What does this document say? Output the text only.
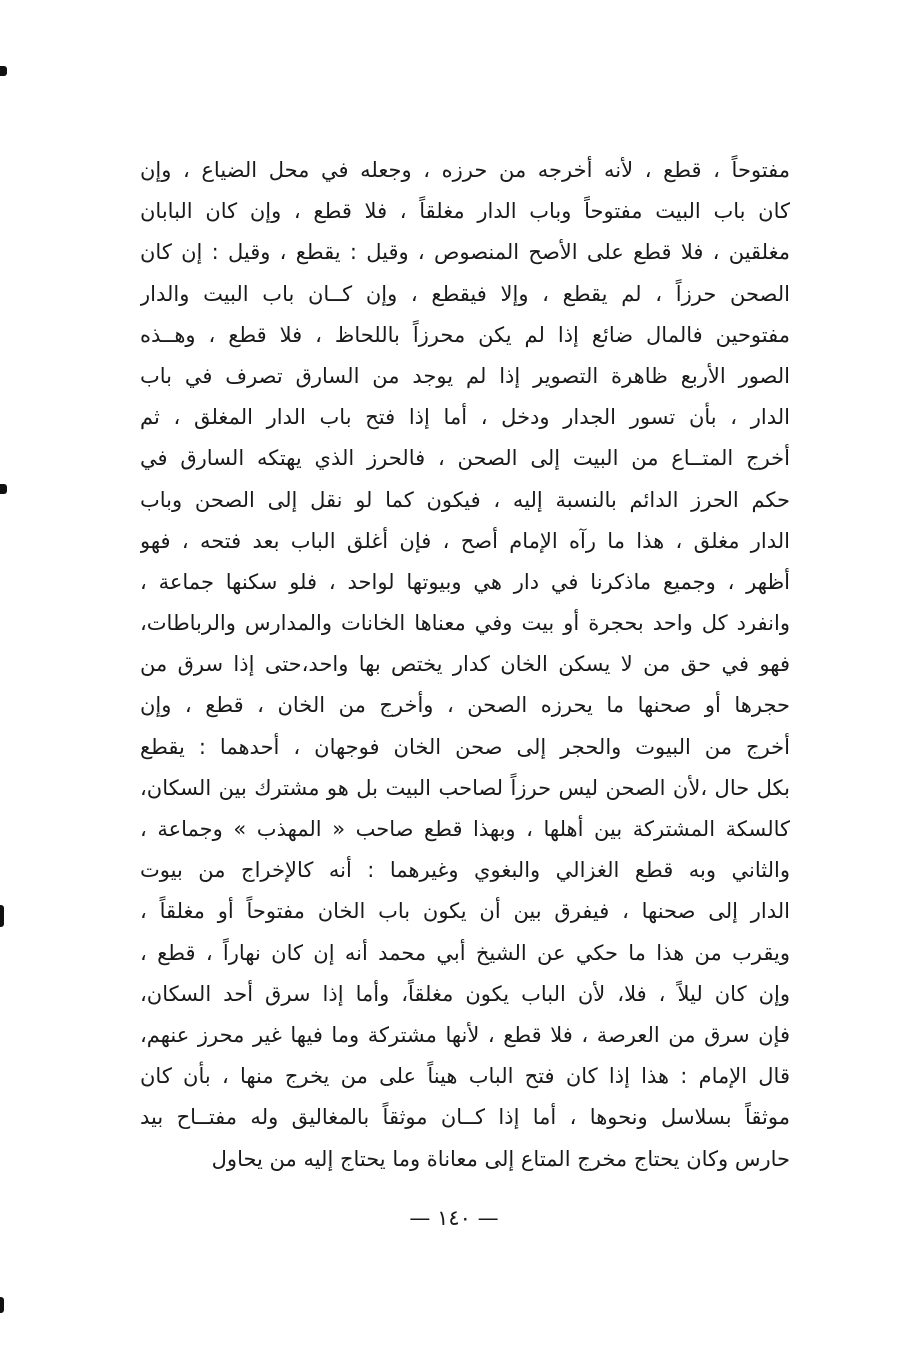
مفتوحاً ، قطع ، لأنه أخرجه من حرزه ، وجعله في محل الضياع ، وإن
كان باب البيت مفتوحاً وباب الدار مغلقاً ، فلا قطع ، وإن كان البابان
مغلقين ، فلا قطع على الأصح المنصوص ، وقيل : يقطع ، وقيل : إن كان
الصحن حرزاً ، لم يقطع ، وإلا فيقطع ، وإن كــان باب البيت والدار
مفتوحين فالمال ضائع إذا لم يكن محرزاً باللحاظ ، فلا قطع ، وهــذه
الصور الأربع ظاهرة التصوير إذا لم يوجد من السارق تصرف في باب
الدار ، بأن تسور الجدار ودخل ، أما إذا فتح باب الدار المغلق ، ثم
أخرج المتــاع من البيت إلى الصحن ، فالحرز الذي يهتكه السارق في
حكم الحرز الدائم بالنسبة إليه ، فيكون كما لو نقل إلى الصحن وباب
الدار مغلق ، هذا ما رآه الإمام أصح ، فإن أغلق الباب بعد فتحه ، فهو
أظهر ، وجميع ماذكرنا في دار هي وبيوتها لواحد ، فلو سكنها جماعة ،
وانفرد كل واحد بحجرة أو بيت وفي معناها الخانات والمدارس والرباطات،
فهو في حق من لا يسكن الخان كدار يختص بها واحد،حتى إذا سرق من
حجرها أو صحنها ما يحرزه الصحن ، وأخرج من الخان ، قطع ، وإن
أخرج من البيوت والحجر إلى صحن الخان فوجهان ، أحدهما : يقطع
بكل حال ،لأن الصحن ليس حرزاً لصاحب البيت بل هو مشترك بين السكان،
كالسكة المشتركة بين أهلها ، وبهذا قطع صاحب « المهذب » وجماعة ،
والثاني وبه قطع الغزالي والبغوي وغيرهما : أنه كالإخراج من بيوت
الدار إلى صحنها ، فيفرق بين أن يكون باب الخان مفتوحاً أو مغلقاً ،
ويقرب من هذا ما حكي عن الشيخ أبي محمد أنه إن كان نهاراً ، قطع ،
وإن كان ليلاً ، فلا، لأن الباب يكون مغلقاً، وأما إذا سرق أحد السكان،
فإن سرق من العرصة ، فلا قطع ، لأنها مشتركة وما فيها غير محرز عنهم،
قال الإمام : هذا إذا كان فتح الباب هيناً على من يخرج منها ، بأن كان
موثقاً بسلاسل ونحوها ، أما إذا كــان موثقاً بالمغاليق وله مفتــاح بيد
حارس وكان يحتاج مخرج المتاع إلى معاناة وما يحتاج إليه من يحاول
— ١٤٠ —
